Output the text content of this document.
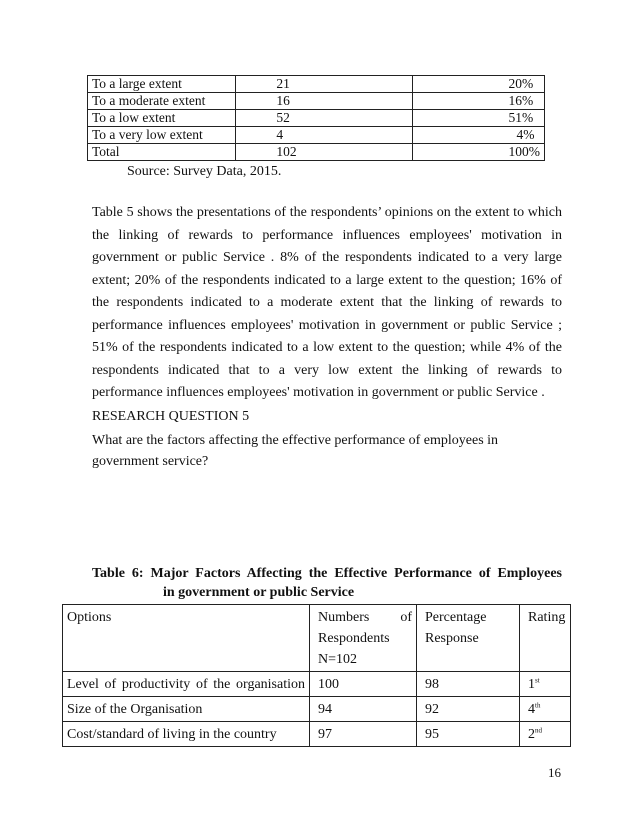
To a large extent	21	20%
To a moderate extent	16	16%
To a low extent	52	51%
To a very low extent	4	4%
Total	102	100%
Source: Survey Data, 2015.

Table 5 shows the presentations of the respondents’ opinions on the extent to which the linking of rewards to performance influences employees' motivation in government or public Service . 8% of the respondents indicated to a very large extent; 20% of the respondents indicated to a large extent to the question; 16% of the respondents indicated to a moderate extent that the linking of rewards to performance influences employees' motivation in government or public Service ; 51% of the respondents indicated to a low extent to the question; while 4% of the respondents indicated that to a very low extent the linking of rewards to performance influences employees' motivation in government or public Service .

RESEARCH QUESTION 5

What are the factors affecting the effective performance of employees in government service?

Table 6: Major Factors Affecting the Effective Performance of Employees
in government or public Service
Options	Numbers of Respondents N=102	Percentage Response	Rating

Level of productivity of the organisation	100	98	1st
Size of the Organisation	94	92	4th
Cost/standard of living in the country	97	95	2nd
16
